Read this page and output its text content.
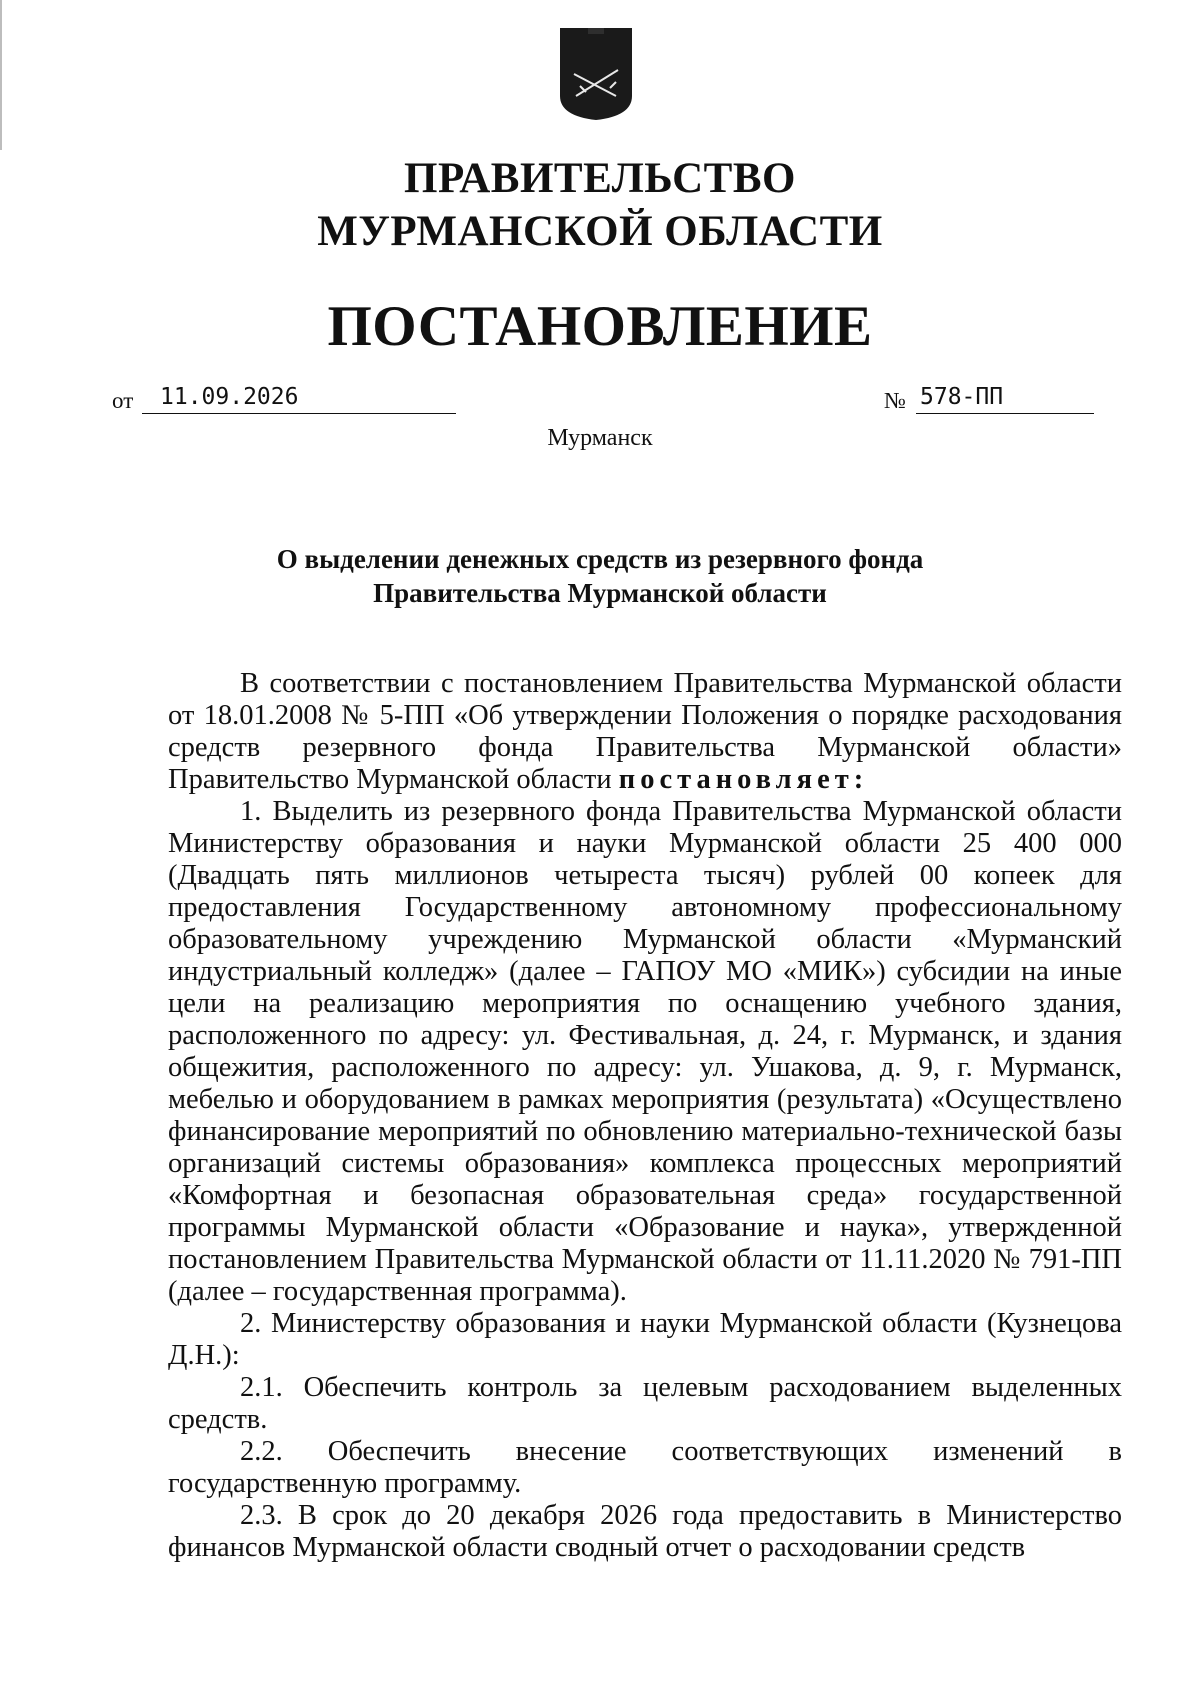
ПРАВИТЕЛЬСТВО
МУРМАНСКОЙ ОБЛАСТИ
ПОСТАНОВЛЕНИЕ
от 11.09.2026	№ 578-ПП
Мурманск
О выделении денежных средств из резервного фонда
Правительства Мурманской области

В соответствии с постановлением Правительства Мурманской области от 18.01.2008 № 5-ПП «Об утверждении Положения о порядке расходования средств резервного фонда Правительства Мурманской области» Правительство Мурманской области постановляет:

1. Выделить из резервного фонда Правительства Мурманской области Министерству образования и науки Мурманской области 25 400 000 (Двадцать пять миллионов четыреста тысяч) рублей 00 копеек для предоставления Государственному автономному профессиональному образовательному учреждению Мурманской области «Мурманский индустриальный колледж» (далее – ГАПОУ МО «МИК») субсидии на иные цели на реализацию мероприятия по оснащению учебного здания, расположенного по адресу: ул. Фестивальная, д. 24, г. Мурманск, и здания общежития, расположенного по адресу: ул. Ушакова, д. 9, г. Мурманск, мебелью и оборудованием в рамках мероприятия (результата) «Осуществлено финансирование мероприятий по обновлению материально-технической базы организаций системы образования» комплекса процессных мероприятий «Комфортная и безопасная образовательная среда» государственной программы Мурманской области «Образование и наука», утвержденной постановлением Правительства Мурманской области от 11.11.2020 № 791-ПП (далее – государственная программа).

2. Министерству образования и науки Мурманской области (Кузнецова Д.Н.):

2.1. Обеспечить контроль за целевым расходованием выделенных средств.

2.2. Обеспечить внесение соответствующих изменений в государственную программу.

2.3. В срок до 20 декабря 2026 года предоставить в Министерство финансов Мурманской области сводный отчет о расходовании средств
